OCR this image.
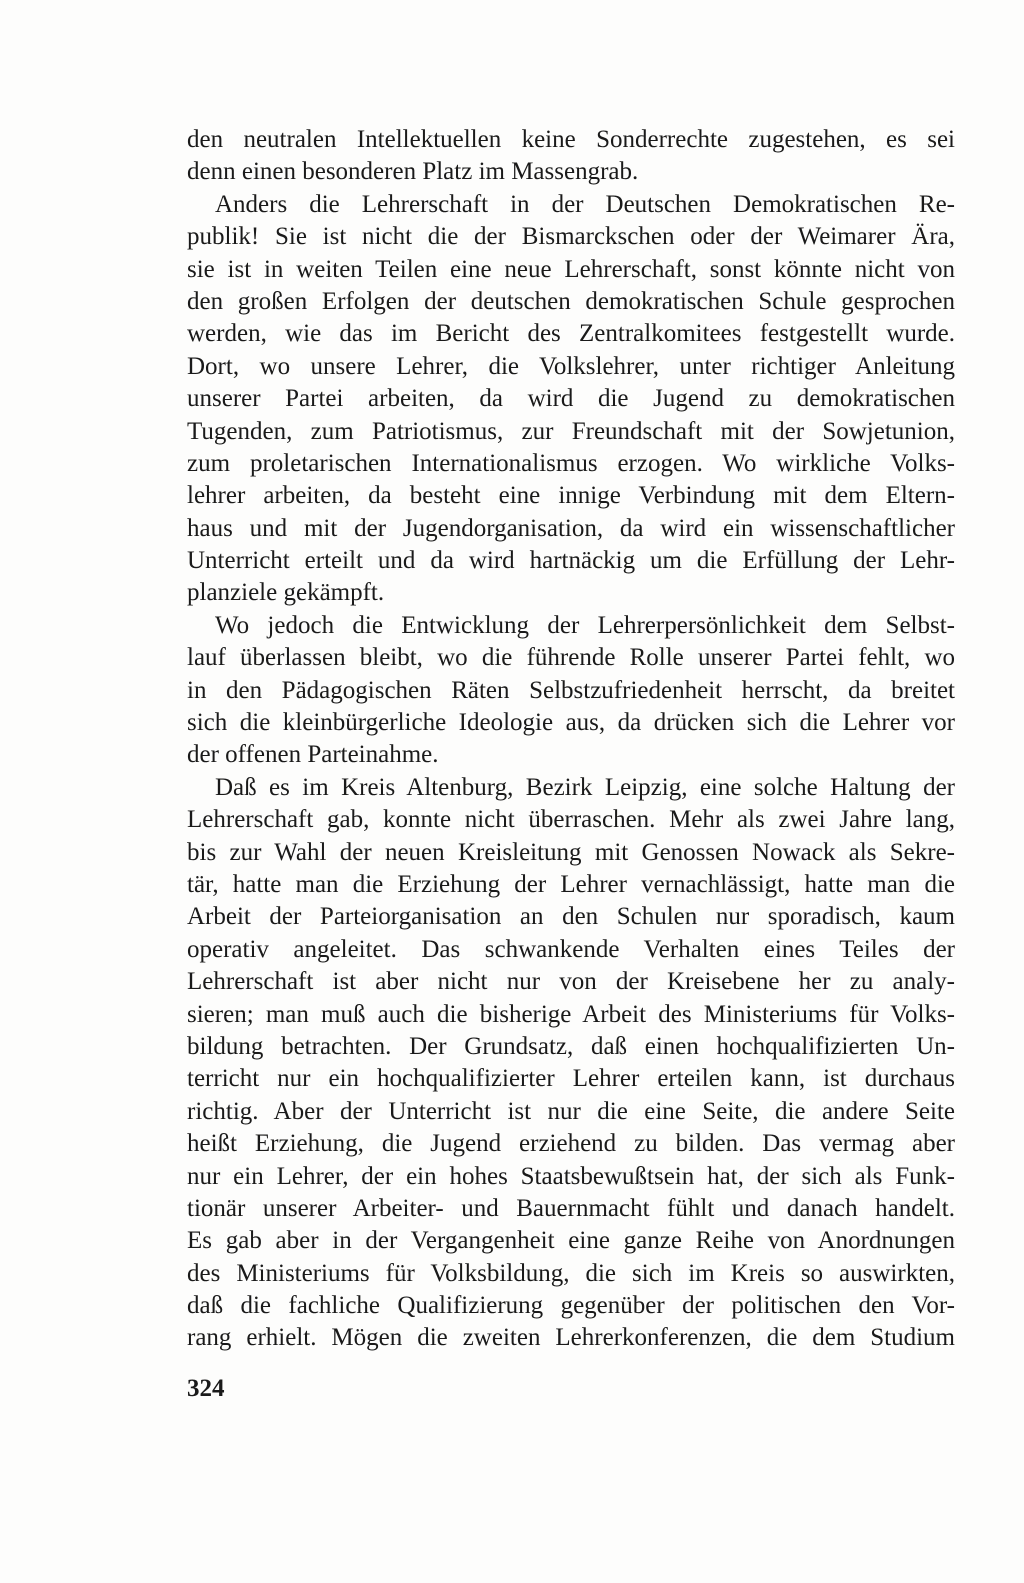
den neutralen Intellektuellen keine Sonderrechte zugestehen, es sei
denn einen besonderen Platz im Massengrab.
Anders die Lehrerschaft in der Deutschen Demokratischen Re-
publik! Sie ist nicht die der Bismarckschen oder der Weimarer Ära,
sie ist in weiten Teilen eine neue Lehrerschaft, sonst könnte nicht von
den großen Erfolgen der deutschen demokratischen Schule gesprochen
werden, wie das im Bericht des Zentralkomitees festgestellt wurde.
Dort, wo unsere Lehrer, die Volkslehrer, unter richtiger Anleitung
unserer Partei arbeiten, da wird die Jugend zu demokratischen
Tugenden, zum Patriotismus, zur Freundschaft mit der Sowjetunion,
zum proletarischen Internationalismus erzogen. Wo wirkliche Volks-
lehrer arbeiten, da besteht eine innige Verbindung mit dem Eltern-
haus und mit der Jugendorganisation, da wird ein wissenschaftlicher
Unterricht erteilt und da wird hartnäckig um die Erfüllung der Lehr-
planziele gekämpft.
Wo jedoch die Entwicklung der Lehrerpersönlichkeit dem Selbst-
lauf überlassen bleibt, wo die führende Rolle unserer Partei fehlt, wo
in den Pädagogischen Räten Selbstzufriedenheit herrscht, da breitet
sich die kleinbürgerliche Ideologie aus, da drücken sich die Lehrer vor
der offenen Parteinahme.
Daß es im Kreis Altenburg, Bezirk Leipzig, eine solche Haltung der
Lehrerschaft gab, konnte nicht überraschen. Mehr als zwei Jahre lang,
bis zur Wahl der neuen Kreisleitung mit Genossen Nowack als Sekre-
tär, hatte man die Erziehung der Lehrer vernachlässigt, hatte man die
Arbeit der Parteiorganisation an den Schulen nur sporadisch, kaum
operativ angeleitet. Das schwankende Verhalten eines Teiles der
Lehrerschaft ist aber nicht nur von der Kreisebene her zu analy-
sieren; man muß auch die bisherige Arbeit des Ministeriums für Volks-
bildung betrachten. Der Grundsatz, daß einen hochqualifizierten Un-
terricht nur ein hochqualifizierter Lehrer erteilen kann, ist durchaus
richtig. Aber der Unterricht ist nur die eine Seite, die andere Seite
heißt Erziehung, die Jugend erziehend zu bilden. Das vermag aber
nur ein Lehrer, der ein hohes Staatsbewußtsein hat, der sich als Funk-
tionär unserer Arbeiter- und Bauernmacht fühlt und danach handelt.
Es gab aber in der Vergangenheit eine ganze Reihe von Anordnungen
des Ministeriums für Volksbildung, die sich im Kreis so auswirkten,
daß die fachliche Qualifizierung gegenüber der politischen den Vor-
rang erhielt. Mögen die zweiten Lehrerkonferenzen, die dem Studium
324
